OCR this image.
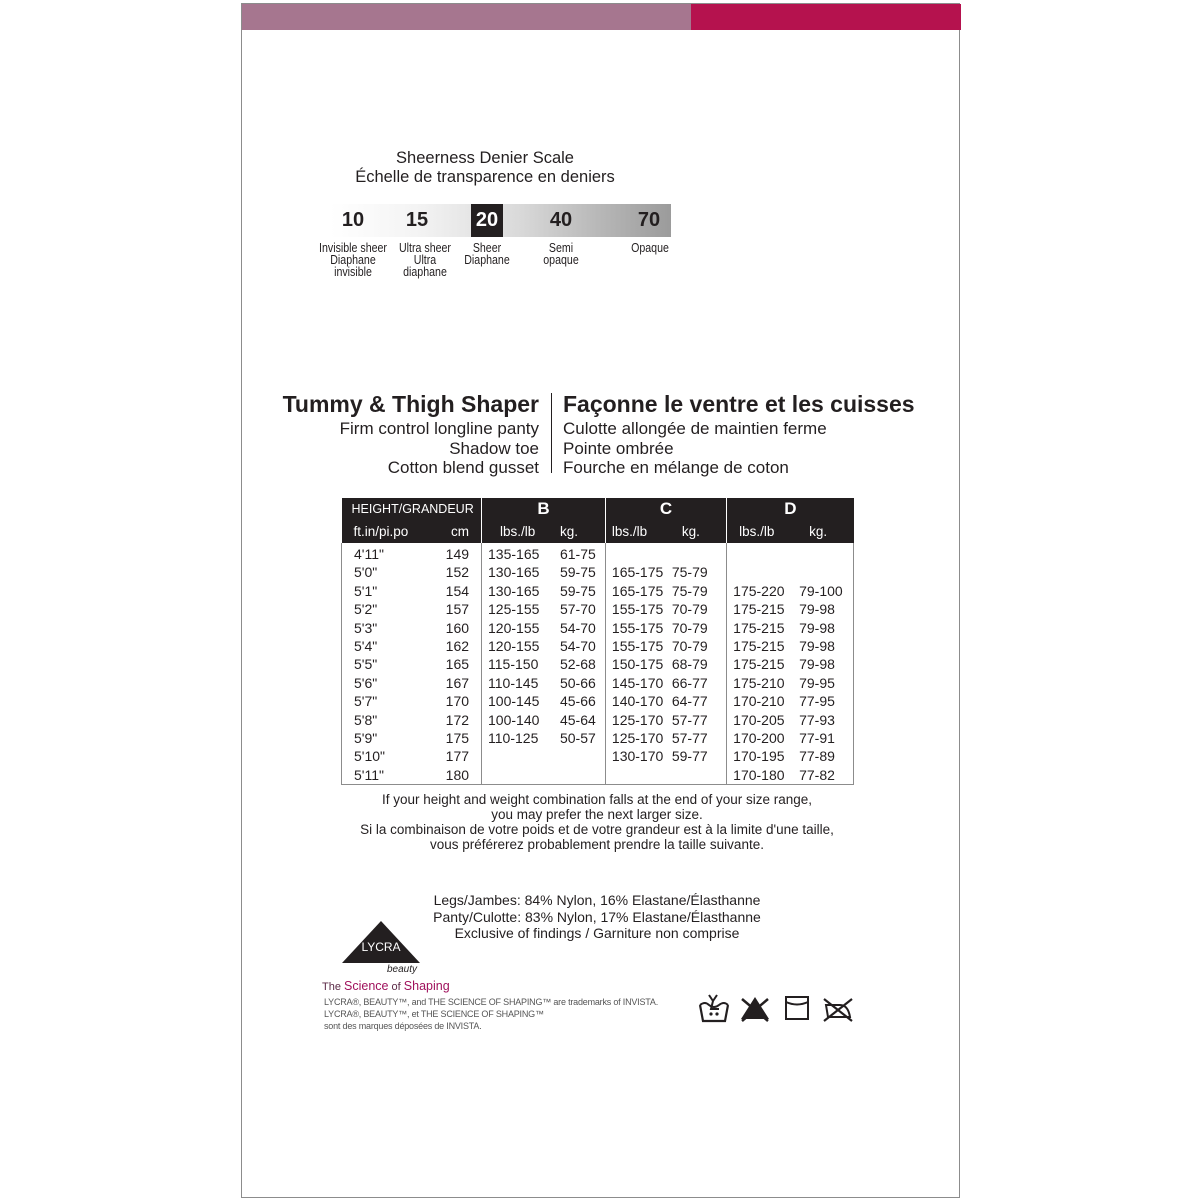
Sheerness Denier Scale
Échelle de transparence en deniers
10	15	20	40	70
Invisible sheer
Diaphane
invisible
Ultra sheer
Ultra
diaphane
Sheer
Diaphane
Semi
opaque
Opaque
Tummy & Thigh Shaper
Firm control longline panty
Shadow toe
Cotton blend gusset
Façonne le ventre et les cuisses
Culotte allongée de maintien ferme
Pointe ombrée
Fourche en mélange de coton
HEIGHT/GRANDEUR		B		C		D	
ft.in/pi.po	cm	lbs./lb	kg.	lbs./lb	kg.	lbs./lb	kg.
4'11"	149	135-165	61-75				
5'0"	152	130-165	59-75	165-175	75-79		
5'1"	154	130-165	59-75	165-175	75-79	175-220	79-100
5'2"	157	125-155	57-70	155-175	70-79	175-215	79-98
5'3"	160	120-155	54-70	155-175	70-79	175-215	79-98
5'4"	162	120-155	54-70	155-175	70-79	175-215	79-98
5'5"	165	115-150	52-68	150-175	68-79	175-215	79-98
5'6"	167	110-145	50-66	145-170	66-77	175-210	79-95
5'7"	170	100-145	45-66	140-170	64-77	170-210	77-95
5'8"	172	100-140	45-64	125-170	57-77	170-205	77-93
5'9"	175	110-125	50-57	125-170	57-77	170-200	77-91
5'10"	177			130-170	59-77	170-195	77-89
5'11"	180					170-180	77-82
If your height and weight combination falls at the end of your size range,
you may prefer the next larger size.
Si la combinaison de votre poids et de votre grandeur est à la limite d'une taille,
vous préférerez probablement prendre la taille suivante.
Legs/Jambes: 84% Nylon, 16% Elastane/Élasthanne
Panty/Culotte: 83% Nylon, 17% Elastane/Élasthanne
Exclusive of findings / Garniture non comprise
LYCRA
beauty
The Science of Shaping
LYCRA®, BEAUTY™, and THE SCIENCE OF SHAPING™ are trademarks of INVISTA.
LYCRA®, BEAUTY™, et THE SCIENCE OF SHAPING™
sont des marques déposées de INVISTA.
